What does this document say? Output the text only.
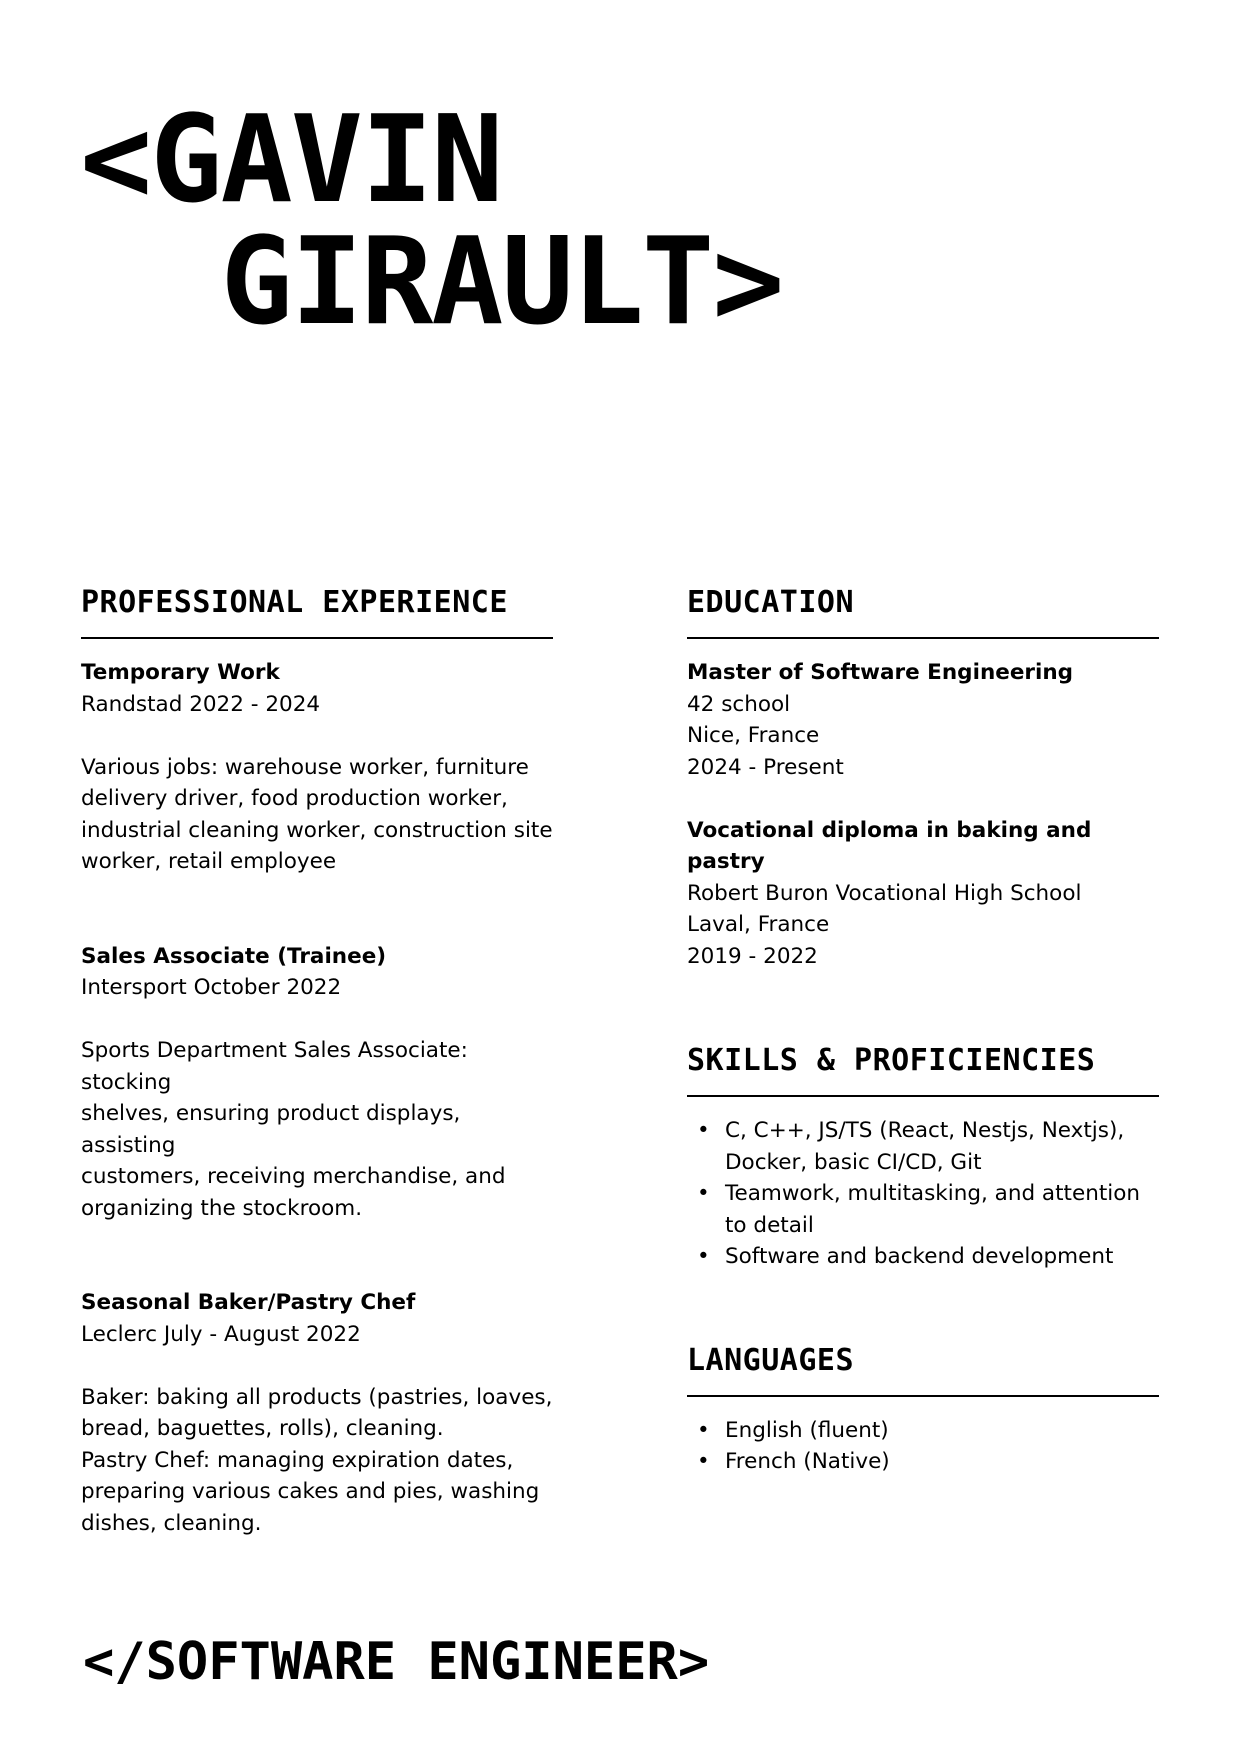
<GAVIN
GIRAULT>
PROFESSIONAL EXPERIENCE
Temporary Work
Randstad 2022 - 2024
Various jobs: warehouse worker, furniture
delivery driver, food production worker,
industrial cleaning worker, construction site
worker, retail employee
Sales Associate (Trainee)
Intersport October 2022
Sports Department Sales Associate: stocking
shelves, ensuring product displays, assisting
customers, receiving merchandise, and
organizing the stockroom.
Seasonal Baker/Pastry Chef
Leclerc July - August 2022
Baker: baking all products (pastries, loaves,
bread, baguettes, rolls), cleaning.
Pastry Chef: managing expiration dates,
preparing various cakes and pies, washing
dishes, cleaning.
EDUCATION
Master of Software Engineering
42 school
Nice, France
2024 - Present
Vocational diploma in baking and pastry
Robert Buron Vocational High School
Laval, France
2019 - 2022
SKILLS & PROFICIENCIES
• C, C++, JS/TS (React, Nestjs, Nextjs),
Docker, basic CI/CD, Git
• Teamwork, multitasking, and attention
to detail
• Software and backend development
LANGUAGES
• English (fluent)
• French (Native)
</SOFTWARE ENGINEER>
